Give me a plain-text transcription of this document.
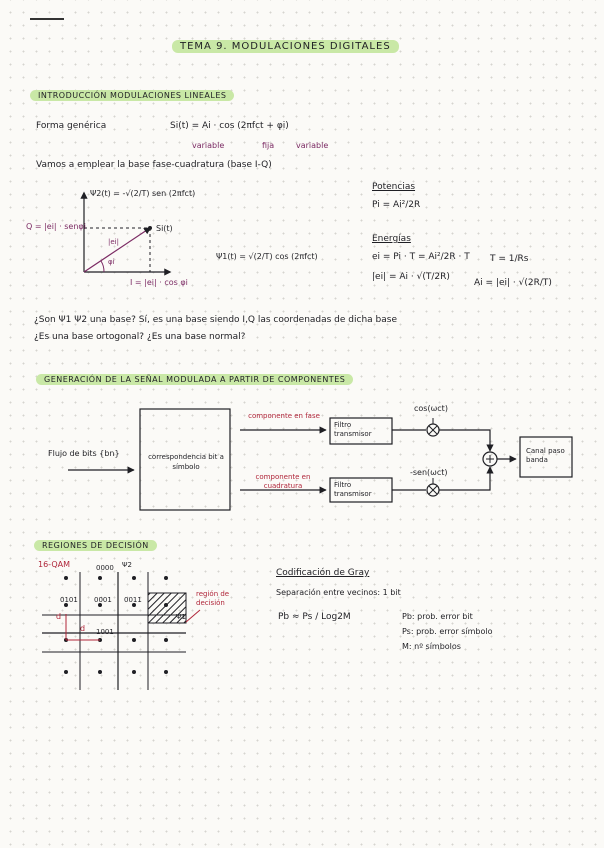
TEMA 9. MODULACIONES DIGITALES
INTRODUCCIÓN MODULACIONES LINEALES
Forma genérica	Si(t) = Ai · cos (2πfct + φi)
variable	fija	variable
Vamos a emplear la base fase-cuadratura (base I-Q)
Ψ2(t) = -√(2/T) sen (2πfct)
Q = |ei| · senφi	Si(t)
|ei|
φi
I = |ei| · cos φi
Ψ1(t) = √(2/T) cos (2πfct)
Potencias
Pi = Ai²/2R
Energías
ei = Pi · T = Ai²/2R · T
|ei| = Ai · √(T/2R)
T = 1/Rs
Ai = |ei| · √(2R/T)
¿Son Ψ1 Ψ2 una base? Sí, es una base siendo I,Q las coordenadas de dicha base
¿Es una base ortogonal? ¿Es una base normal?
GENERACIÓN DE LA SEÑAL MODULADA A PARTIR DE COMPONENTES
Flujo de bits {bn}	correspondencia bit a símbolo
componente en fase
componente en cuadratura
Filtro transmisor
Filtro transmisor
cos(ωct)
-sen(ωct)
Canal paso banda
REGIONES DE DECISIÓN
16-QAM	0000
0101 0001 0011
1001
Ψ2
Ψ1
región de decisión
d
d
Codificación de Gray
Separación entre vecinos: 1 bit
Pb ≈ Ps / Log2M	Pb: prob. error bit
Ps: prob. error símbolo
M: nº símbolos
